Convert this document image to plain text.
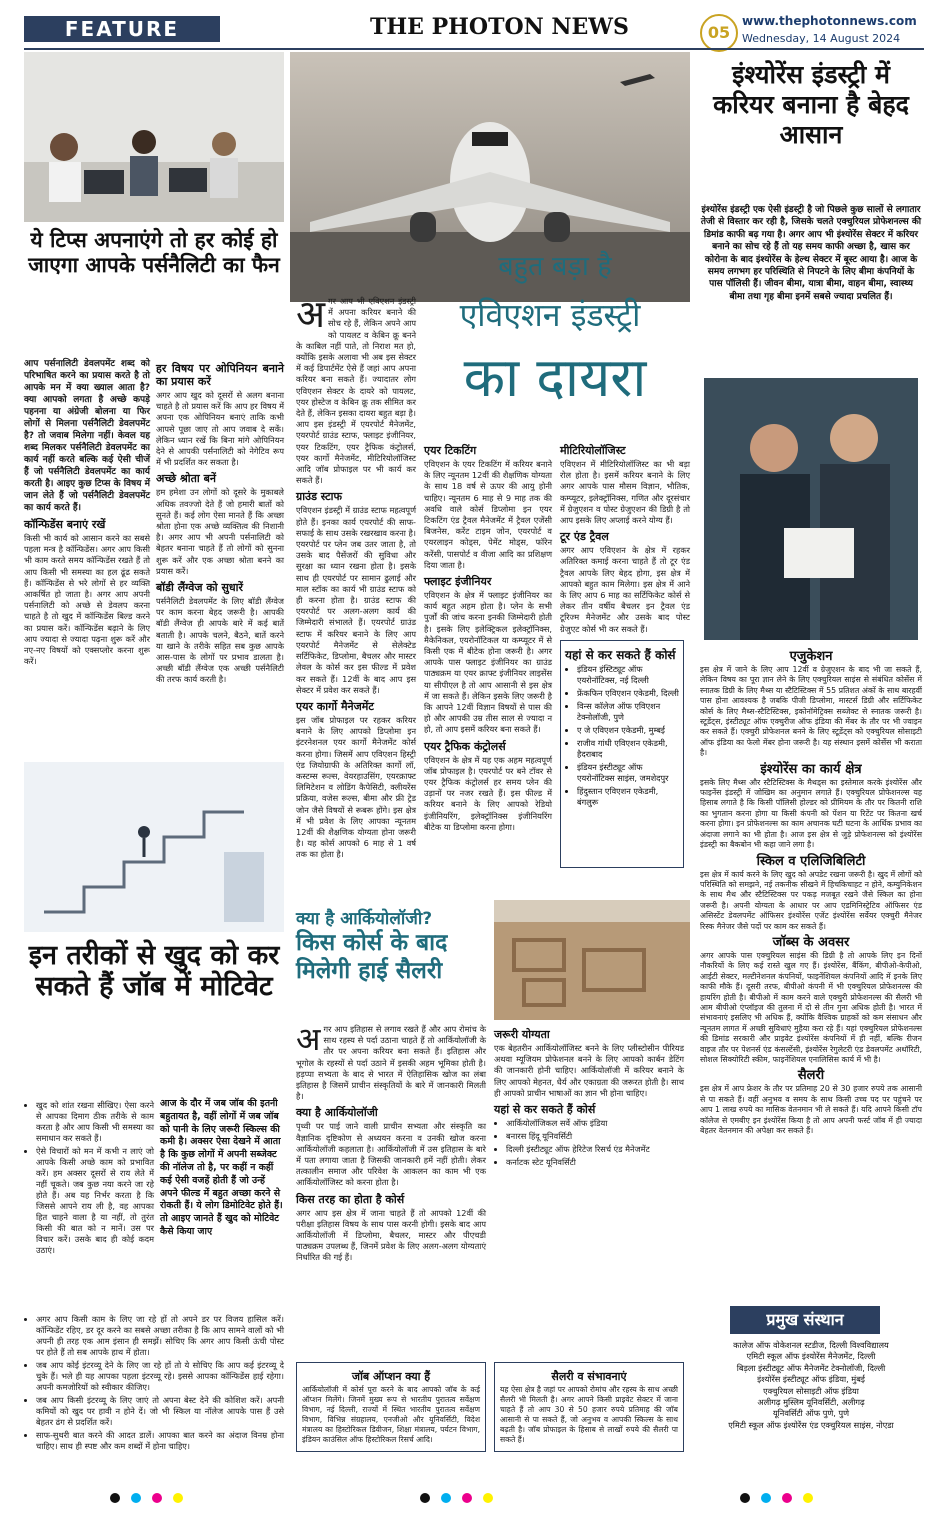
FEATURE	THE PHOTON NEWS	05
www.thephotonnews.com
Wednesday, 14 August 2024
ये टिप्स अपनाएंगे तो हर कोई हो जाएगा आपके पर्सनैलिटी का फैन

आप पर्सनालिटी डेवलपमेंट शब्द को परिभाषित करने का प्रयास करते है तो आपके मन में क्या ख्याल आता है? क्या आपको लगता है अच्छे कपड़े पहनना या अंग्रेजी बोलना या फिर लोगों से मिलना पर्सनैलिटी डेवलपमेंट है? तो जवाब मिलेगा नहीं। केवल यह शब्द मिलकर पर्सनैलिटी डेवलपमेंट का कार्य नहीं करते बल्कि कई ऐसी चीजें हैं जो पर्सनैलिटी डेवलपमेंट का कार्य करती है। आइए कुछ टिप्स के विषय में जान लेते हैं जो पर्सनैलिटी डेवलपमेंट का कार्य करते हैं।

कॉन्फिडेंस बनाएं रखें

किसी भी कार्य को आसान करने का सबसे पहला मन्त्र है कॉन्फिडेंस। अगर आप किसी भी काम करते समय कॉन्फिडेंस रखते हैं तो आप किसी भी समस्या का हल ढूंढ सकते हैं। कॉन्फिडेंस से भरे लोगों से हर व्यक्ति आकर्षित हो जाता है। अगर आप अपनी पर्सनालिटी को अच्छे से डेवलप करना चाहते है तो खुद में कॉन्फिडेंस बिल्ड करने का प्रयास करें। कॉन्फिडेंस बढ़ाने के लिए आप ज्यादा से ज्यादा पढ़ना शुरू करें और नए-नए विषयों को एक्सप्लोर करना शुरू करें।

हर विषय पर ओपिनियन बनाने का प्रयास करें

अगर आप खुद को दूसरों से अलग बनाना चाहते है तो प्रयास करें कि आप हर विषय में अपना एक ओपिनियन बनाएं ताकि कभी आपसे पूछा जाए तो आप जवाब दे सकें। लेकिन ध्यान रखें कि बिना मांगे ओपिनियन देने से आपकी पर्सनालिटी को नेगेटिव रूप में भी प्रदर्शित कर सकता है।

अच्छे श्रोता बनें

हम हमेशा उन लोगों को दूसरे के मुकाबले अधिक तवज्जो देते हैं जो हमारी बातों को सुनते हैं। कई लोग ऐसा मानते हैं कि अच्छा श्रोता होना एक अच्छे व्यक्तित्व की निशानी है। अगर आप भी अपनी पर्सनालिटी को बेहतर बनाना चाहते हैं तो लोगों को सुनना शुरू करें और एक अच्छा श्रोता बनने का प्रयास करें।

बॉडी लैंग्वेज को सुधारें

पर्सनैलिटी डेवलपमेंट के लिए बॉडी लैंग्वेज पर काम करना बेहद जरूरी है। आपकी बॉडी लैंग्वेज ही आपके बारे में कई बातें बताती है। आपके चलने, बैठने, बातें करने या खाने के तरीके सहित सब कुछ आपके आस-पास के लोगों पर प्रभाव डालता है। अच्छी बॉडी लैंग्वेज एक अच्छी पर्सनैलिटी की तरफ कार्य करती है।

इन तरीकों से खुद को कर सकते हैं जॉब में मोटिवेट
• खुद को शांत रखना सीखिए। ऐसा करने से आपका दिमाग ठीक तरीके से काम करता है और आप किसी भी समस्या का समाधान कर सकते हैं।
• ऐसे विचारों को मन में कभी न लाएं जो आपके किसी अच्छे काम को प्रभावित करें। हम अक्सर दूसरों से राय लेते में नहीं चूकते। जब कुछ नया करने जा रहे होते हैं। अब यह निर्भर करता है कि जिससे आपने राय ली है, वह आपका हित चाहने वाला है या नहीं, तो तुरंत किसी की बात को न मानें। उस पर विचार करें। उसके बाद ही कोई कदम उठाएं।
आज के दौर में जब जॉब की इतनी बहुतायत है, वहीं लोगों में जब जॉब को पानी के लिए जरूरी स्किल्स की कमी है। अक्सर ऐसा देखने में आता है कि कुछ लोगों में अपनी सब्जेक्ट की नॉलेज तो है, पर कहीं न कहीं कई ऐसी वजहें होती हैं जो उन्हें अपने फील्ड में बहुत अच्छा करने से रोकती हैं। ये लोग डिमोटिवेट होते हैं। तो आइए जानते हैं खुद को मोटिवेट कैसे किया जाए
• अगर आप किसी काम के लिए जा रहे हों तो अपने डर पर विजय हासिल करें। कॉन्फिडेंट रहिए, डर दूर करने का सबसे अच्छा तरीका है कि आप सामने वालों को भी अपनी ही तरह एक आम इंसान ही समझें। सोचिए कि अगर आप किसी ऊंची पोस्ट पर होते हैं तो सब आपके हाथ में होता।
• जब आप कोई इंटरव्यू देने के लिए जा रहे हों तो ये सोचिए कि आप कई इंटरव्यू दे चुके हैं। भले ही यह आपका पहला इंटरव्यू रहे। इससे आपका कॉन्फिडेंस हाई रहेगा। अपनी कमजोरियों को स्वीकार कीजिए।
• जब आप किसी इंटरव्यू के लिए जाएं तो अपना बेस्ट देने की कोशिश करें। अपनी कमियों को खुद पर हावी न होने दें। जो भी स्किल या नॉलेज आपके पास हैं उसे बेहतर ढंग से प्रदर्शित करें।
• साफ-सुथरी बात करने की आदत डालें। आपका बात करने का अंदाज विनम्र होना चाहिए। साथ ही स्पष्ट और कम शब्दों में होना चाहिए।
बहुत बड़ा है
एविएशन इंडस्ट्री
का दायरा

अगर आप भी एविएशन इंडस्ट्री में अपना करियर बनाने की सोच रहे हैं, लेकिन अपने आप को पायलट व केबिन क्रू बनने के काबिल नहीं पाते, तो निराश मत हो, क्योंकि इसके अलावा भी अब इस सेक्टर में कई डिपार्टमेंट ऐसे हैं जहां आप अपना करियर बना सकते हैं। ज्यादातर लोग एविएशन सेक्टर के दायरे को पायलट, एयर होस्टेज व केबिन क्रू तक सीमित कर देते हैं, लेकिन इसका दायरा बहुत बड़ा है। आप इस इंडस्ट्री में एयरपोर्ट मैनेजमेंट, एयरपोर्ट ग्राउंड स्टाफ, फ्लाइट इंजीनियर, एयर टिकटिंग, एयर ट्रैफिक कंट्रोलर्स, एयर कार्गो मैनेजमेंट, मीटिरियोलॉजिस्ट आदि जॉब प्रोफाइल पर भी कार्य कर सकते हैं।

ग्राउंड स्टाफ

एविएशन इंडस्ट्री में ग्राउंड स्टाफ महत्वपूर्ण होते हैं। इनका कार्य एयरपोर्ट की साफ-सफाई के साथ उसके रखरखाव करना है। एयरपोर्ट पर प्लेन जब उतर जाता है, तो उसके बाद पैसेंजरों की सुविधा और सुरक्षा का ध्यान रखना होता है। इसके साथ ही एयरपोर्ट पर सामान ढुलाई और माल स्टॉक का कार्य भी ग्राउंड स्टाफ को ही करना होता है। ग्राउंड स्टाफ की एयरपोर्ट पर अलग-अलग कार्य की जिम्मेदारी संभालते हैं। एयरपोर्ट ग्राउंड स्टाफ में करियर बनाने के लिए आप एयरपोर्ट मैनेजमेंट से सेलेक्टेड सर्टिफिकेट, डिप्लोमा, बैचलर और मास्टर लेवल के कोर्स कर इस फील्ड में प्रवेश कर सकते हैं। 12वीं के बाद आप इस सेक्टर में प्रवेश कर सकते हैं।

एयर कार्गो मैनेजमेंट

इस जॉब प्रोफाइल पर रहकर करियर बनाने के लिए आपको डिप्लोमा इन इंटरनेशनल एयर कार्गो मैनेजमेंट कोर्स करना होगा। जिसमें आप एविएशन हिस्ट्री एंड जियोग्राफी के अतिरिक्त कार्गो लॉ, कस्टम्स रूल्स, वेयरहाउसिंग, एयरक्राफ्ट लिमिटेशन व लोडिंग कैपेसिटी, क्लीयरेंस प्रक्रिया, वजेस रूल्स, बीमा और फ्री ट्रेड जोन जैसे विषयों से रूबरू होंगे। इस क्षेत्र में भी प्रवेश के लिए आपका न्यूनतम 12वीं की शैक्षणिक योग्यता होना जरूरी है। यह कोर्स आपको 6 माह से 1 वर्ष तक का होता है।

एयर टिकटिंग

एविएशन के एयर टिकटिंग में करियर बनाने के लिए न्यूनतम 12वीं की शैक्षणिक योग्यता के साथ 18 वर्ष से ऊपर की आयु होनी चाहिए। न्यूनतम 6 माह से 9 माह तक की अवधि वाले कोर्स डिप्लोमा इन एयर टिकटिंग एंड ट्रैवल मैनेजमेंट में ट्रैवल एजेंसी बिजनेस, करेंट टाइम जोन, एयरपोर्ट व एयरलाइन कोड्स, पेमेंट मोड्स, फॉरेन करेंसी, पासपोर्ट व वीजा आदि का प्रशिक्षण दिया जाता है।

फ्लाइट इंजीनियर

एविएशन के क्षेत्र में फ्लाइट इंजीनियर का कार्य बहुत अहम होता है। प्लेन के सभी पुर्जों की जांच करना इनकी जिम्मेदारी होती है। इसके लिए इलेक्ट्रिकल इलेक्ट्रॉनिक्स, मैकेनिकल, एयरोनॉटिकल या कम्प्यूटर में से किसी एक में बीटेक होना जरूरी है। अगर आपके पास फ्लाइट इंजीनियर का ग्राउंड पाठ्यक्रम या एयर क्राफ्ट इंजीनियर लाइसेंस या सीपीएल है तो आप आसानी से इस क्षेत्र में जा सकते हैं। लेकिन इसके लिए जरूरी है कि आपने 12वीं विज्ञान विषयों से पास की हो और आपकी उम्र तीस साल से ज्यादा न हो, तो आप इसमें करियर बना सकते हैं।

एयर ट्रैफिक कंट्रोलर्स

एविएशन के क्षेत्र में यह एक अहम महत्वपूर्ण जॉब प्रोफाइल है। एयरपोर्ट पर बने टॉवर से एयर ट्रैफिक कंट्रोलर्स हर समय प्लेन की उड़ानों पर नजर रखते हैं। इस फील्ड में करियर बनाने के लिए आपको रेडियो इंजीनियरिंग, इलेक्ट्रॉनिक्स इंजीनियरिंग बीटेक या डिप्लोमा करना होगा।

मीटिरियोलॉजिस्ट

एविएशन में मीटिरियोलॉजिस्ट का भी बड़ा रोल होता है। इसमें करियर बनाने के लिए अगर आपके पास मौसम विज्ञान, भौतिक, कम्प्यूटर, इलेक्ट्रॉनिक्स, गणित और दूरसंचार में ग्रेजुएशन व पोस्ट ग्रेजुएशन की डिग्री है तो आप इसके लिए अप्लाई करने योग्य हैं।

टूर एंड ट्रैवल

अगर आप एविएशन के क्षेत्र में रहकर अतिरिक्त कमाई करना चाहते हैं तो टूर एंड ट्रैवल आपके लिए बेहद होगा, इस क्षेत्र में आपको बहुत काम मिलेगा। इस क्षेत्र में आने के लिए आप 6 माह का सर्टिफिकेट कोर्स से लेकर तीन वर्षीय बैचलर इन ट्रैवल एंड टूरिज्म मैनेजमेंट और उसके बाद पोस्ट ग्रेजुएट कोर्स भी कर सकते हैं।

यहां से कर सकते हैं कोर्स
• इंडियन इंस्टिट्यूट ऑफ एयरोनॉटिक्स, नई दिल्ली
• फ्रेंकफिन एविएशन एकेडमी, दिल्ली
• विन्स कॉलेज ऑफ एविएशन टेक्नोलॉजी, पुणे
• ए जे एविएशन एकेडमी, मुम्बई
• राजीव गांधी एविएशन एकेडमी, हैदराबाद
• इंडियन इंस्टीट्यूट ऑफ एयरोनॉटिक्स साइंस, जमशेदपुर
• हिंदुस्तान एविएशन एकेडमी, बंगलुरू
क्या है आर्कियोलॉजी?
किस कोर्स के बाद मिलेगी हाई सैलरी

अगर आप इतिहास से लगाव रखते हैं और आप रोमांच के साथ रहस्य से पर्दा उठाना चाहते हैं तो आर्कियोलॉजी के तौर पर अपना करियर बना सकते हैं। इतिहास और भूगोल के रहस्यों से पर्दा उठाने में इसकी अहम भूमिका होती है। हड़प्पा सभ्यता के बाद से भारत में ऐतिहासिक खोज का लंबा इतिहास है जिसमें प्राचीन संस्कृतियों के बारे में जानकारी मिलती है।

क्या है आर्कियोलॉजी

पृथ्वी पर पाई जाने वाली प्राचीन सभ्यता और संस्कृति का वैज्ञानिक दृष्टिकोण से अध्ययन करना व उनकी खोज करना आर्कियोलॉजी कहलाता है। आर्कियोलॉजी में उस इतिहास के बारे में पता लगाया जाता है जिसकी जानकारी हमें नहीं होती। लेकर तत्कालीन समाज और परिवेश के आकलन का काम भी एक आर्कियोलॉजिस्ट को करना होता है।

किस तरह का होता है कोर्स

अगर आप इस क्षेत्र में जाना चाहते हैं तो आपको 12वीं की परीक्षा इतिहास विषय के साथ पास करनी होगी। इसके बाद आप आर्कियोलॉजी में डिप्लोमा, बैचलर, मास्टर और पीएचडी पाठ्यक्रम उपलब्ध हैं, जिनमें प्रवेश के लिए अलग-अलग योग्यताएं निर्धारित की गई हैं।

जरूरी योग्यता

एक बेहतरीन आर्कियोलॉजिस्ट बनने के लिए प्लीस्टोसीन पीरियड अथवा म्यूजियम प्रोफेशनल बनने के लिए आपको कार्बन डेटिंग की जानकारी होनी चाहिए। आर्कियोलॉजी में करियर बनाने के लिए आपको मेहनत, धैर्य और एकाग्रता की जरूरत होती है। साथ ही आपको प्राचीन भाषाओं का ज्ञान भी होना चाहिए।

यहां से कर सकते हैं कोर्स
• आर्कियोलॉजिकल सर्वे ऑफ इंडिया
• बनारस हिंदू यूनिवर्सिटी
• दिल्ली इंस्टीट्यूट ऑफ हेरिटेज रिसर्च एंड मैनेजमेंट
• कर्नाटक स्टेट यूनिवर्सिटी
जॉब ऑप्शन क्या हैं
आर्कियोलॉजी में कोर्स पूरा करने के बाद आपको जॉब के कई ऑप्शन मिलेंगे। जिनमें मुख्य रूप से भारतीय पुरातत्व सर्वेक्षण विभाग, नई दिल्ली, राज्यों में स्थित भारतीय पुरातत्व सर्वेक्षण विभाग, विभिन्न संग्रहालय, एनजीओ और यूनिवर्सिटी, विदेश मंत्रालय का हिस्टोरिकल डिवीजन, शिक्षा मंत्रालय, पर्यटन विभाग, इंडियन काउंसिल ऑफ हिस्टोरिकल रिसर्च आदि।
सैलरी व संभावनाएं
यह ऐसा क्षेत्र है जहां पर आपको रोमांच और रहस्य के साथ अच्छी सैलरी भी मिलती है। अगर आपने किसी प्राइवेट सेक्टर में जाना चाहते हैं तो आप 30 से 50 हजार रुपये प्रतिमाह की जॉब आसानी से पा सकते हैं, जो अनुभव व आपकी स्किल्स के साथ बढ़ती है। जॉब प्रोफाइल के हिसाब से लाखों रुपये की सैलरी पा सकते हैं।
इंश्योरेंस इंडस्ट्री में करियर बनाना है बेहद आसान
इंश्योरेंस इंडस्ट्री एक ऐसी इंडस्ट्री है जो पिछले कुछ सालों से लगातार तेजी से विस्तार कर रही है, जिसके चलते एक्चुरियल प्रोफेशनल्स की डिमांड काफी बढ़ गया है। अगर आप भी इंश्योरेंस सेक्टर में करियर बनाने का सोच रहे हैं तो यह समय काफी अच्छा है, खास कर कोरोना के बाद इंश्योरेंस के हेल्थ सेक्टर में बूस्ट आया है। आज के समय लगभग हर परिस्थिति से निपटने के लिए बीमा कंपनियों के पास पॉलिसी हैं। जीवन बीमा, यात्रा बीमा, वाहन बीमा, स्वास्थ्य बीमा तथा गृह बीमा इनमें सबसे ज्यादा प्रचलित हैं।
एजुकेशन
इस क्षेत्र में जाने के लिए आप 12वीं व ग्रेजुएशन के बाद भी जा सकते हैं, लेकिन विषय का पूरा ज्ञान लेने के लिए एक्चुरियल साइंस से संबंधित कोर्सेस में स्नातक डिग्री के लिए मैथ्स या स्टैटिस्टिक्स में 55 प्रतिशत अंकों के साथ बारहवीं पास होना आवश्यक है जबकि पीजी डिप्लोमा, मास्टर्स डिग्री और सर्टिफिकेट कोर्स के लिए मैथ्स-स्टैटिस्टिक्स, इकोनॉमेट्रिक्स सब्जेक्ट से स्नातक जरूरी है। स्टूडेंट्स, इंस्टीट्यूट ऑफ एक्चुरीज ऑफ इंडिया की मेंबर के तौर पर भी ज्वाइन कर सकते हैं। एक्चुरी प्रोफेशनल बनने के लिए स्टूडेंट्स को एक्चुरियल सोसाइटी ऑफ इंडिया का फेलो मेंबर होना जरूरी है। यह संस्थान इसमें कोर्सेस भी कराता है।
इंश्योरेंस का कार्य क्षेत्र
इसके लिए मैथ्स और स्टैटिस्टिक्स के मैथड्स का इस्तेमाल करके इंश्योरेंस और फाइनेंस इंडस्ट्री में जोखिम का अनुमान लगाते हैं। एक्चुरियल प्रोफेशनल्स यह हिसाब लगाते है कि किसी पॉलिसी होल्डर को प्रीमियम के तौर पर कितनी राशि का भुगतान करना होगा या किसी कंपनी को पेंशन या रिटेंट पर कितना खर्च करना होगा। इन प्रोफेशनल्स का काम अचानक घटी घटना के आर्थिक प्रभाव का अंदाजा लगाने का भी होता है। आज इस क्षेत्र से जुड़े प्रोफेशनल्स को इंश्योरेंस इंडस्ट्री का बैकबोन भी कहा जाने लगा है।
स्किल व एलिजिबिलिटी
इस क्षेत्र में कार्य करने के लिए खुद को अपडेट रखना जरूरी है। खुद में लोगों को परिस्थिति को समझने, नई तकनीक सीखने में हिचकिचाहट न होने, कम्युनिकेशन के साथ मैथ और स्टैटिस्टिक्स पर पकड़ मजबूत रखने जैसे स्किल का होना जरूरी है। अपनी योग्यता के आधार पर आप एडमिनिस्ट्रेटिव ऑफिसर एंड असिस्टेंट डेवलपमेंट ऑफिसर इंश्योरेंस एजेंट इंश्योरेंस सर्वेयर एक्चुरी मैनेजर रिस्क मैनेजर जैसे पदों पर काम कर सकते हैं।
जॉब्स के अवसर
अगर आपके पास एक्चुरियल साइंस की डिग्री है तो आपके लिए इन दिनों नौकरियों के लिए कई रास्ते खुल गए हैं। इंश्योरेंस, बैंकिंग, बीपीओ-केपीओ, आईटी सेक्टर, मल्टीनेशनल कंपनियों, फाइनेंशियल कंपनियों आदि में इनके लिए काफी मौके हैं। दूसरी तरफ, बीपीओ कंपनी में भी एक्चुरियल प्रोफेशनल्स की हायरिंग होती है। बीपीओ में काम करने वाले एक्चुरी प्रोफेशनल्स की सैलरी भी आम बीपीओ एंप्लॉइज की तुलना में दो से तीन गुना अधिक होती है। भारत में संभावनाएं इसलिए भी अधिक हैं, क्योंकि वैश्विक ग्राहकों को कम संसाधन और न्यूनतम लागत में अच्छी सुविधाएं मुहैया करा रहे हैं। यहां एक्चुरियल प्रोफेशनल्स की डिमांड सरकारी और प्राइवेट इंश्योरेंस कंपनियों में ही नहीं, बल्कि रीजन वाइज तौर पर पेशनर्स एंड कंसल्टेंसी, इंश्योरेंस रेगुलेटरी एंड डेवलपमेंट अथॉरिटी, सोशल सिक्योरिटी स्कीम, फाइनेंशियल एनालिसिस कार्य में भी है।
सैलरी
इस क्षेत्र में आप फ्रेशर के तौर पर प्रतिमाह 20 से 30 हजार रुपये तक आसानी से पा सकते हैं। वहीं अनुभव व समय के साथ किसी उच्च पद पर पहुंचने पर आप 1 लाख रुपये का मासिक वेतनमान भी ले सकते हैं। यदि आपने किसी टॉप कॉलेज से एमबीए इन इंश्योरेंस किया है तो आप अपनी फर्स्ट जॉब में ही ज्यादा बेहतर वेतनमान की अपेक्षा कर सकते हैं।
प्रमुख संस्थान
कालेज ऑफ वोकेशनल स्टडीज, दिल्ली विश्वविद्यालय
एमिटी स्कूल ऑफ इंश्योरेंस मैनेजमेंट, दिल्ली
बिड़ला इंस्टीट्यूट ऑफ मैनेजमेंट टेक्नोलॉजी, दिल्ली
इंश्योरेंस इंस्टीट्यूट ऑफ इंडिया, मुंबई
एक्चुरियल सोसाइटी ऑफ इंडिया
अलीगढ़ मुस्लिम यूनिवर्सिटी, अलीगढ़
यूनिवर्सिटी ऑफ पुणे, पुणे
एमिटी स्कूल ऑफ इंश्योरेंस एंड एक्चुरियल साइंस, नोएडा
